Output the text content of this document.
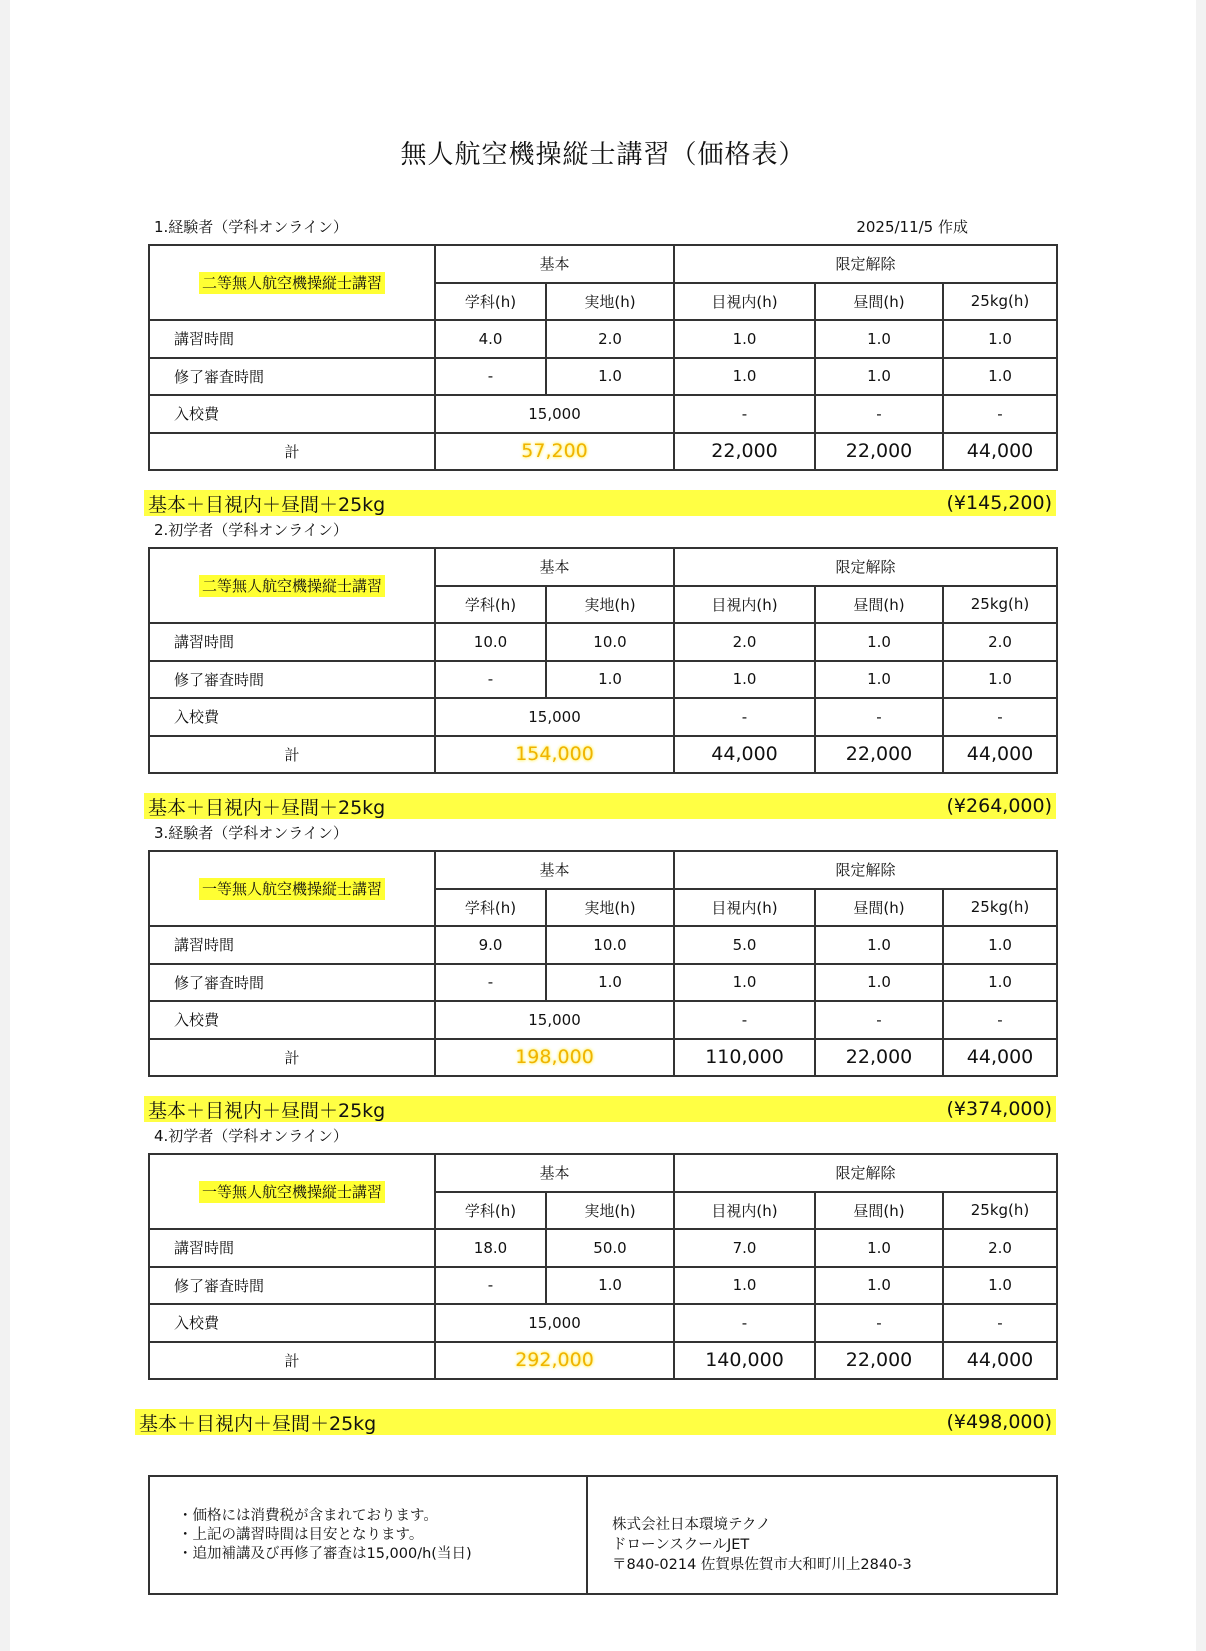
無人航空機操縦士講習（価格表）
1.経験者（学科オンライン）	2025/11/5 作成
二等無人航空機操縦士講習	基本		限定解除		
	学科(h)	実地(h)	目視内(h)	昼間(h)	25kg(h)
講習時間	4.0	2.0	1.0	1.0	1.0
修了審査時間	-	1.0	1.0	1.0	1.0
入校費	15,000		-	-	-
計	57,200		22,000	22,000	44,000
基本＋目視内＋昼間＋25kg	(¥145,200)
2.初学者（学科オンライン）
二等無人航空機操縦士講習	基本		限定解除		
	学科(h)	実地(h)	目視内(h)	昼間(h)	25kg(h)
講習時間	10.0	10.0	2.0	1.0	2.0
修了審査時間	-	1.0	1.0	1.0	1.0
入校費	15,000		-	-	-
計	154,000		44,000	22,000	44,000
基本＋目視内＋昼間＋25kg	(¥264,000)
3.経験者（学科オンライン）
一等無人航空機操縦士講習	基本		限定解除		
	学科(h)	実地(h)	目視内(h)	昼間(h)	25kg(h)
講習時間	9.0	10.0	5.0	1.0	1.0
修了審査時間	-	1.0	1.0	1.0	1.0
入校費	15,000		-	-	-
計	198,000		110,000	22,000	44,000
基本＋目視内＋昼間＋25kg	(¥374,000)
4.初学者（学科オンライン）
一等無人航空機操縦士講習	基本		限定解除		
	学科(h)	実地(h)	目視内(h)	昼間(h)	25kg(h)
講習時間	18.0	50.0	7.0	1.0	2.0
修了審査時間	-	1.0	1.0	1.0	1.0
入校費	15,000		-	-	-
計	292,000		140,000	22,000	44,000
基本＋目視内＋昼間＋25kg	(¥498,000)
・価格には消費税が含まれております。
・上記の講習時間は目安となります。
・追加補講及び再修了審査は15,000/h(当日)
株式会社日本環境テクノ
ドローンスクールJET
〒840-0214 佐賀県佐賀市大和町川上2840-3
